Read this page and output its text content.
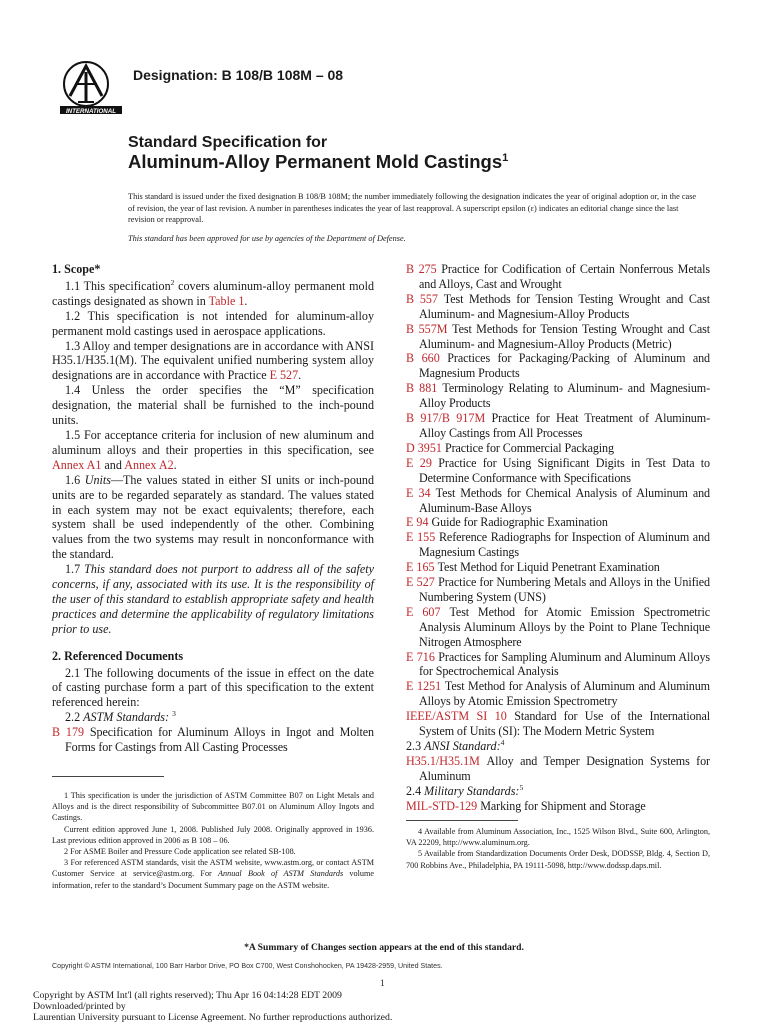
INTERNATIONAL
Designation: B 108/B 108M – 08
Standard Specification for
Aluminum-Alloy Permanent Mold Castings$^1$
This standard is issued under the fixed designation B 108/B 108M; the number immediately following the designation indicates the year of original adoption or, in the case of revision, the year of last revision. A number in parentheses indicates the year of last reapproval. A superscript epsilon (ε) indicates an editorial change since the last revision or reapproval.
This standard has been approved for use by agencies of the Department of Defense.
1. Scope*

1.1 This specification$^2$ covers aluminum-alloy permanent mold castings designated as shown in Table 1.

1.2 This specification is not intended for aluminum-alloy permanent mold castings used in aerospace applications.

1.3 Alloy and temper designations are in accordance with ANSI H35.1/H35.1(M). The equivalent unified numbering system alloy designations are in accordance with Practice E 527.

1.4 Unless the order specifies the “M” specification designation, the material shall be furnished to the inch-pound units.

1.5 For acceptance criteria for inclusion of new aluminum and aluminum alloys and their properties in this specification, see Annex A1 and Annex A2.

1.6 Units—The values stated in either SI units or inch-pound units are to be regarded separately as standard. The values stated in each system may not be exact equivalents; therefore, each system shall be used independently of the other. Combining values from the two systems may result in nonconformance with the standard.

1.7 This standard does not purport to address all of the safety concerns, if any, associated with its use. It is the responsibility of the user of this standard to establish appropriate safety and health practices and determine the applicability of regulatory limitations prior to use.

2. Referenced Documents

2.1 The following documents of the issue in effect on the date of casting purchase form a part of this specification to the extent referenced herein:

2.2 ASTM Standards: $^3$

B 179 Specification for Aluminum Alloys in Ingot and Molten Forms for Castings from All Casting Processes
B 275 Practice for Codification of Certain Nonferrous Metals and Alloys, Cast and Wrought
B 557 Test Methods for Tension Testing Wrought and Cast Aluminum- and Magnesium-Alloy Products
B 557M Test Methods for Tension Testing Wrought and Cast Aluminum- and Magnesium-Alloy Products (Metric)
B 660 Practices for Packaging/Packing of Aluminum and Magnesium Products
B 881 Terminology Relating to Aluminum- and Magnesium-Alloy Products
B 917/B 917M Practice for Heat Treatment of Aluminum-Alloy Castings from All Processes
D 3951 Practice for Commercial Packaging
E 29 Practice for Using Significant Digits in Test Data to Determine Conformance with Specifications
E 34 Test Methods for Chemical Analysis of Aluminum and Aluminum-Base Alloys
E 94 Guide for Radiographic Examination
E 155 Reference Radiographs for Inspection of Aluminum and Magnesium Castings
E 165 Test Method for Liquid Penetrant Examination
E 527 Practice for Numbering Metals and Alloys in the Unified Numbering System (UNS)
E 607 Test Method for Atomic Emission Spectrometric Analysis Aluminum Alloys by the Point to Plane Technique Nitrogen Atmosphere
E 716 Practices for Sampling Aluminum and Aluminum Alloys for Spectrochemical Analysis
E 1251 Test Method for Analysis of Aluminum and Aluminum Alloys by Atomic Emission Spectrometry
IEEE/ASTM SI 10 Standard for Use of the International System of Units (SI): The Modern Metric System

2.3 ANSI Standard:$^4$

H35.1/H35.1M Alloy and Temper Designation Systems for Aluminum

2.4 Military Standards:$^5$

MIL-STD-129 Marking for Shipment and Storage

1 This specification is under the jurisdiction of ASTM Committee B07 on Light Metals and Alloys and is the direct responsibility of Subcommittee B07.01 on Aluminum Alloy Ingots and Castings.

Current edition approved June 1, 2008. Published July 2008. Originally approved in 1936. Last previous edition approved in 2006 as B 108 – 06.

2 For ASME Boiler and Pressure Code application see related SB-108.

3 For referenced ASTM standards, visit the ASTM website, www.astm.org, or contact ASTM Customer Service at service@astm.org. For Annual Book of ASTM Standards volume information, refer to the standard’s Document Summary page on the ASTM website.

4 Available from Aluminum Association, Inc., 1525 Wilson Blvd., Suite 600, Arlington, VA 22209, http://www.aluminum.org.

5 Available from Standardization Documents Order Desk, DODSSP, Bldg. 4, Section D, 700 Robbins Ave., Philadelphia, PA 19111-5098, http://www.dodssp.daps.mil.

*A Summary of Changes section appears at the end of this standard.
Copyright © ASTM International, 100 Barr Harbor Drive, PO Box C700, West Conshohocken, PA 19428-2959, United States.
1
Copyright by ASTM Int'l (all rights reserved); Thu Apr 16 04:14:28 EDT 2009
Downloaded/printed by
Laurentian University pursuant to License Agreement. No further reproductions authorized.
